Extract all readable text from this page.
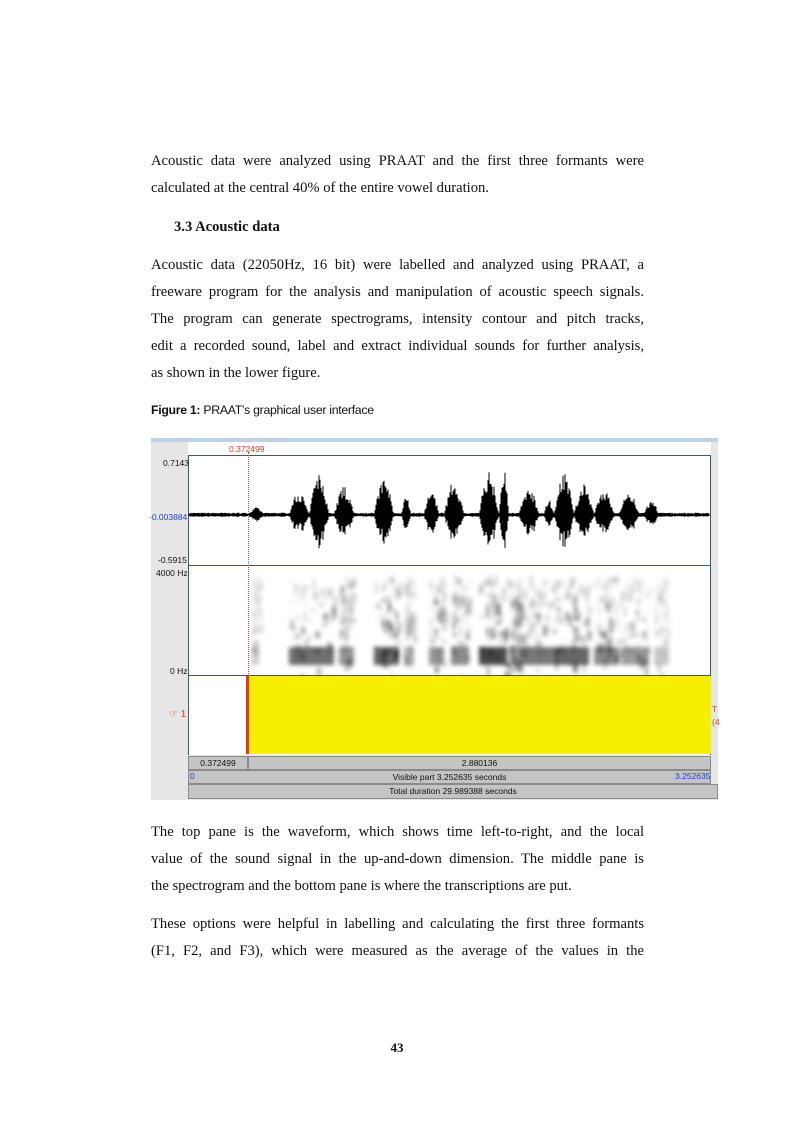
Acoustic data were analyzed using PRAAT and the first three formants were
calculated at the central 40% of the entire vowel duration.
3.3 Acoustic data
Acoustic data (22050Hz, 16 bit) were labelled and analyzed using PRAAT, a
freeware program for the analysis and manipulation of acoustic speech signals.
The program can generate spectrograms, intensity contour and pitch tracks,
edit a recorded sound, label and extract individual sounds for further analysis,
as shown in the lower figure.
Figure 1: PRAAT’s graphical user interface
0.372499
0.7143
-0.003884
-0.5915
4000 Hz
0 Hz
☞ 1	T
(4
0.372499	2.880136
Visible part 3.252635 seconds
0	3.252635
Total duration 29.989388 seconds
The top pane is the waveform, which shows time left-to-right, and the local
value of the sound signal in the up-and-down dimension. The middle pane is
the spectrogram and the bottom pane is where the transcriptions are put.
These options were helpful in labelling and calculating the first three formants
(F1, F2, and F3), which were measured as the average of the values in the
43
